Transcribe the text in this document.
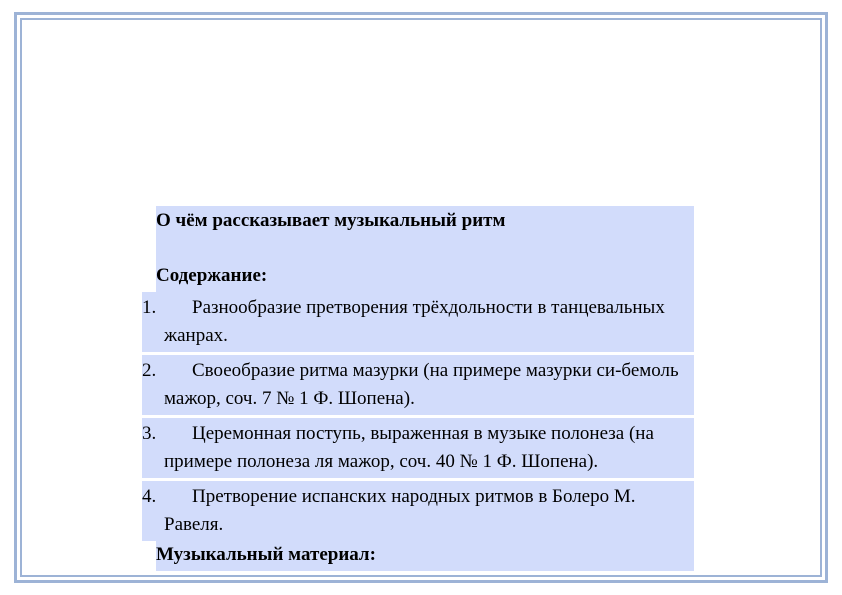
О чём рассказывает музыкальный ритм
Содержание:
1.	Разнообразие претворения трёхдольности в танцевальных жанрах.
2.	Своеобразие ритма мазурки (на примере мазурки си-бемоль мажор, соч. 7 № 1 Ф. Шопена).
3.	Церемонная поступь, выраженная в музыке полонеза (на примере полонеза ля мажор, соч. 40 № 1 Ф. Шопена).
4.	Претворение испанских народных ритмов в Болеро М. Равеля.
Музыкальный материал:
